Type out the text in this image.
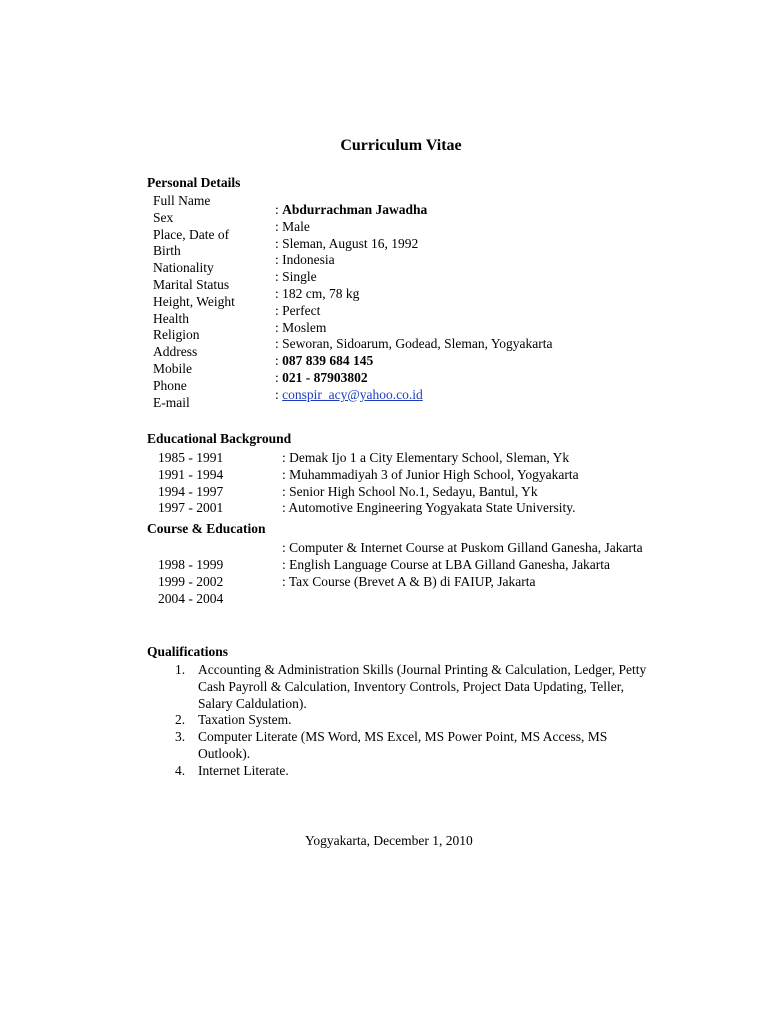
Curriculum Vitae
Personal Details
Full Name
Sex
Place, Date of
Birth
Nationality
Marital Status
Height, Weight
Health
Religion
Address
Mobile
Phone
E-mail
: Abdurrachman Jawadha
: Male
: Sleman, August 16, 1992
: Indonesia
: Single
: 182 cm, 78 kg
: Perfect
: Moslem
: Seworan, Sidoarum, Godead, Sleman, Yogyakarta
: 087 839 684 145
: 021 - 87903802
: conspir_acy@yahoo.co.id
Educational Background
1985 - 1991
1991 - 1994
1994 - 1997
1997 - 2001
: Demak Ijo 1 a City Elementary School, Sleman, Yk
: Muhammadiyah 3 of Junior High School, Yogyakarta
: Senior High School No.1, Sedayu, Bantul, Yk
: Automotive Engineering Yogyakata State University.
Course & Education
1998 - 1999
1999 - 2002
2004 - 2004
: Computer & Internet Course at Puskom Gilland Ganesha, Jakarta
: English Language Course at LBA Gilland Ganesha, Jakarta
: Tax Course (Brevet A & B) di FAIUP, Jakarta
Qualifications
1. Accounting & Administration Skills (Journal Printing & Calculation, Ledger, Petty Cash Payroll & Calculation, Inventory Controls, Project Data Updating, Teller, Salary Caldulation).
2. Taxation System.
3. Computer Literate (MS Word, MS Excel, MS Power Point, MS Access, MS Outlook).
4. Internet Literate.
Yogyakarta, December 1, 2010
